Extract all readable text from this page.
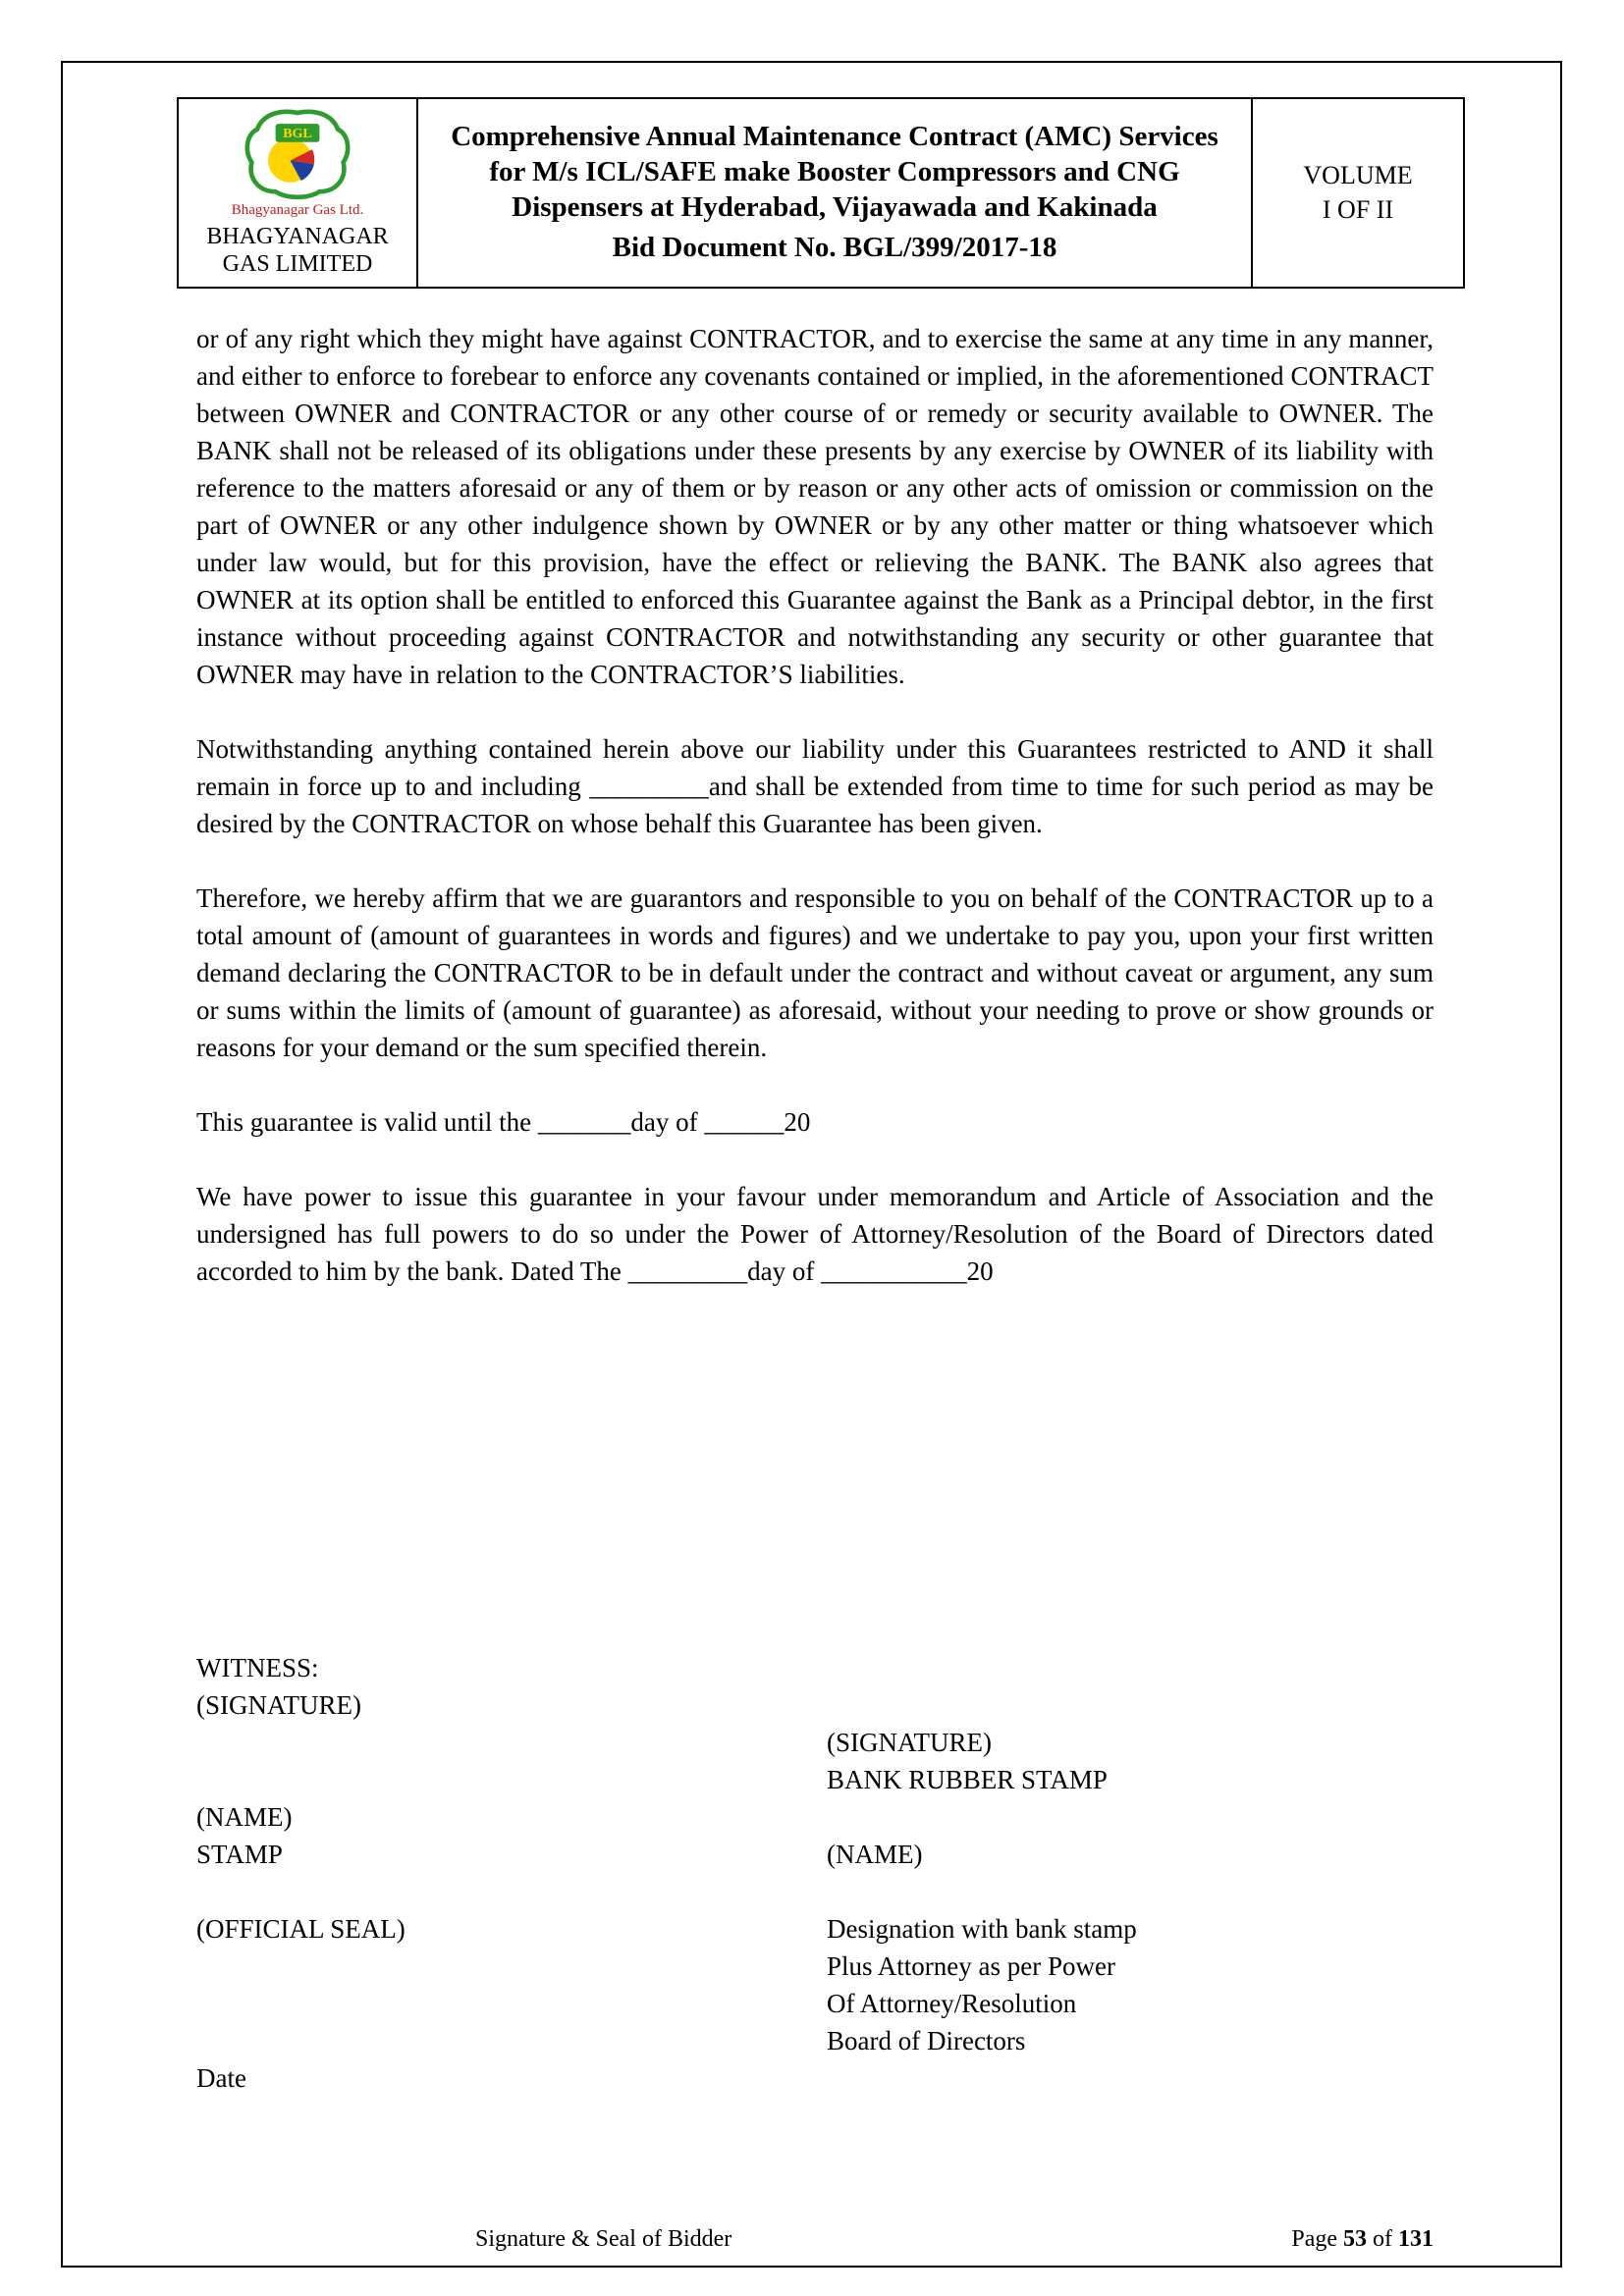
BGL
Bhagyanagar Gas Ltd.
BHAGYANAGAR
GAS LIMITED
Comprehensive Annual Maintenance Contract (AMC) Services for M/s ICL/SAFE make Booster Compressors and CNG Dispensers at Hyderabad, Vijayawada and Kakinada
Bid Document No. BGL/399/2017-18
VOLUME
I OF II

or of any right which they might have against CONTRACTOR, and to exercise the same at any time in any manner, and either to enforce to forebear to enforce any covenants contained or implied, in the aforementioned CONTRACT between OWNER and CONTRACTOR or any other course of or remedy or security available to OWNER. The BANK shall not be released of its obligations under these presents by any exercise by OWNER of its liability with reference to the matters aforesaid or any of them or by reason or any other acts of omission or commission on the part of OWNER or any other indulgence shown by OWNER or by any other matter or thing whatsoever which under law would, but for this provision, have the effect or relieving the BANK. The BANK also agrees that OWNER at its option shall be entitled to enforced this Guarantee against the Bank as a Principal debtor, in the first instance without proceeding against CONTRACTOR and notwithstanding any security or other guarantee that OWNER may have in relation to the CONTRACTOR’S liabilities.

Notwithstanding anything contained herein above our liability under this Guarantees restricted to AND it shall remain in force up to and including _________and shall be extended from time to time for such period as may be desired by the CONTRACTOR on whose behalf this Guarantee has been given.

Therefore, we hereby affirm that we are guarantors and responsible to you on behalf of the CONTRACTOR up to a total amount of (amount of guarantees in words and figures) and we undertake to pay you, upon your first written demand declaring the CONTRACTOR to be in default under the contract and without caveat or argument, any sum or sums within the limits of (amount of guarantee) as aforesaid, without your needing to prove or show grounds or reasons for your demand or the sum specified therein.

This guarantee is valid until the _______day of ______20

We have power to issue this guarantee in your favour under memorandum and Article of Association and the undersigned has full powers to do so under the Power of Attorney/Resolution of the Board of Directors dated accorded to him by the bank. Dated The _________day of ___________20

WITNESS:
(SIGNATURE)
(SIGNATURE)
BANK RUBBER STAMP
(NAME)
STAMP	(NAME)
(OFFICIAL SEAL)	Designation with bank stamp
Plus Attorney as per Power
Of Attorney/Resolution
Board of Directors
Date
Signature & Seal of Bidder	Page 53 of 131
